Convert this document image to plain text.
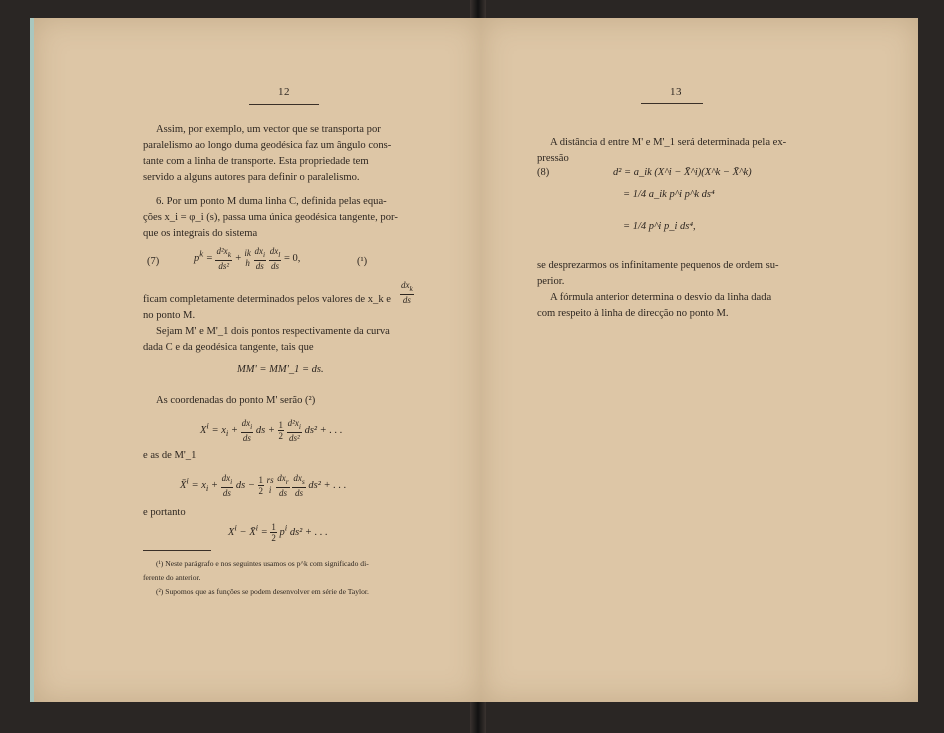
12
Assim, por exemplo, um vector que se transporta por
paralelismo ao longo duma geodésica faz um ângulo cons-
tante com a linha de transporte. Esta propriedade tem
servido a alguns autores para definir o paralelismo.
6. Por um ponto M duma linha C, definida pelas equa-
ções x_i = φ_i (s), passa uma única geodésica tangente, por-
que os integrais do sistema
(7)	$p^k = \frac{d^2x_k}{\text{ds²}}$ + ik
h $\frac{dx_i}{ds}$
$\frac{dx_l}{ds} = 0$,	(¹)
ficam completamente determinados pelos valores de x_k e $\frac{dx_k}{ds}$
no ponto M.
Sejam M' e M'_1 dois pontos respectivamente da curva
dada C e da geodésica tangente, tais que
MM' = MM'_1 = ds.
As coordenadas do ponto M' serão (²)
$X^i = x_i + \frac{dx_i}{ds}$ ds + $\frac{1}{2}$
$\frac{d^2x_i}{\text{ds²}} ds^2$ + . . .
e as de M'_1
X̄$^i$ = $x_i + \frac{dx_i}{ds}$ ds − $\frac{1}{2}$ rs
i $\frac{dx_r}{ds}$
$\frac{dx_s}{ds} ds^2$ + . . .
e portanto
$X^i$ − X̄$^i$ = $\frac{1}{2} p^i$ ds² + . . .
(¹) Neste parágrafo e nos seguintes usamos os p^k com significado di-
ferente do anterior.
(²) Supomos que as funções se podem desenvolver em série de Taylor.
13
A distância d entre M' e M'_1 será determinada pela ex-
pressão
(8)	d² = a_ik (X^i − X̄^i)(X^k − X̄^k)
= 1/4 a_ik p^i p^k ds⁴
= 1/4 p^i p_i ds⁴,
se desprezarmos os infinitamente pequenos de ordem su-
perior.
A fórmula anterior determina o desvio da linha dada
com respeito à linha de direcção no ponto M.
